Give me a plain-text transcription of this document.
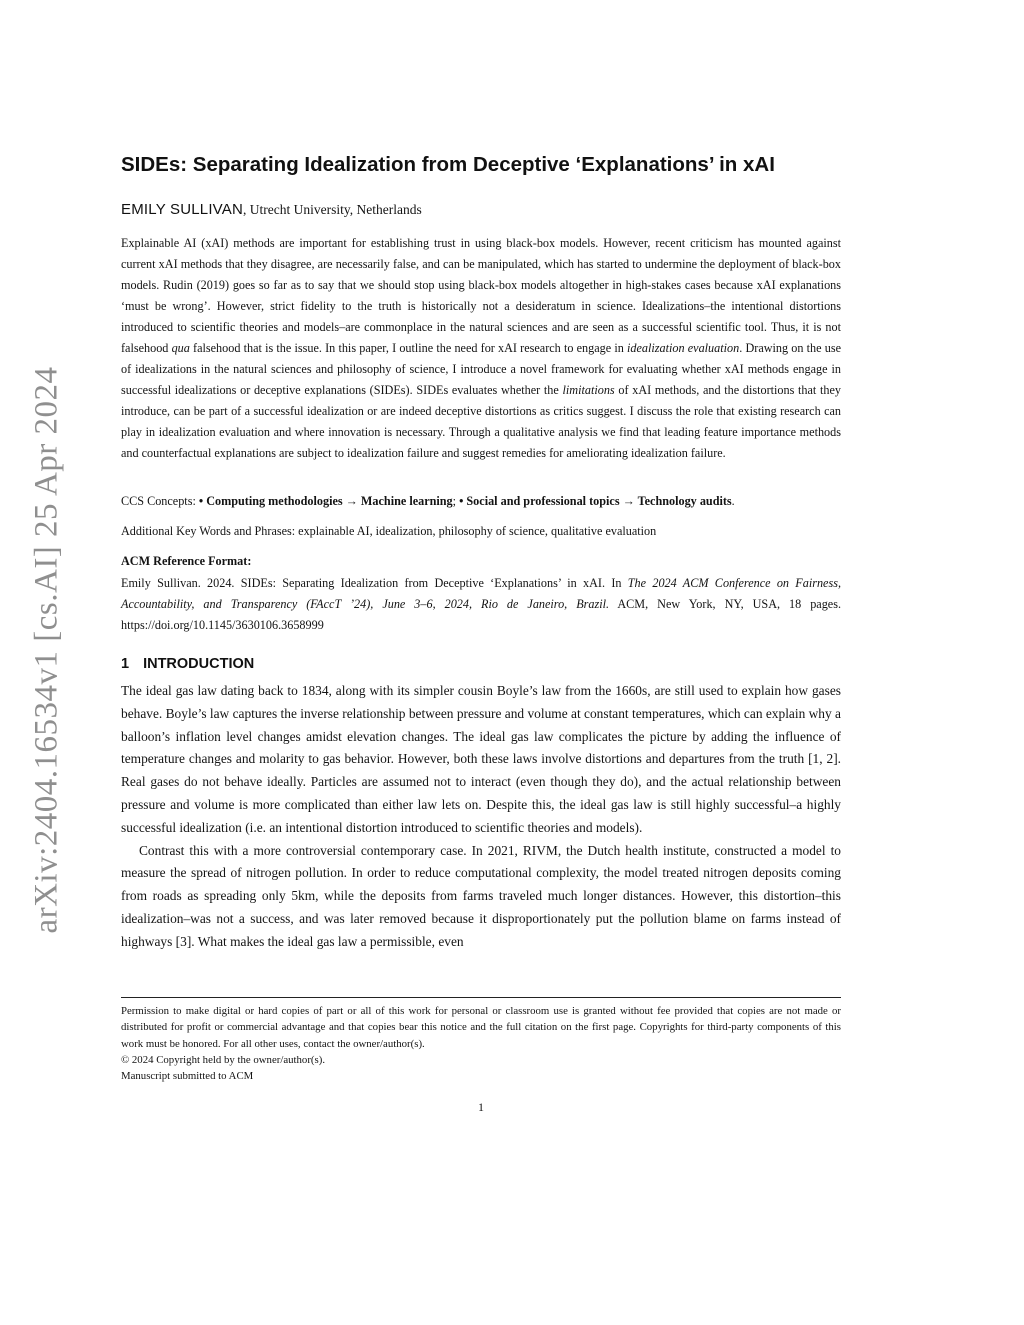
arXiv:2404.16534v1 [cs.AI] 25 Apr 2024
SIDEs: Separating Idealization from Deceptive ‘Explanations’ in xAI
EMILY SULLIVAN, Utrecht University, Netherlands
Explainable AI (xAI) methods are important for establishing trust in using black-box models. However, recent criticism has mounted against current xAI methods that they disagree, are necessarily false, and can be manipulated, which has started to undermine the deployment of black-box models. Rudin (2019) goes so far as to say that we should stop using black-box models altogether in high-stakes cases because xAI explanations ‘must be wrong’. However, strict fidelity to the truth is historically not a desideratum in science. Idealizations–the intentional distortions introduced to scientific theories and models–are commonplace in the natural sciences and are seen as a successful scientific tool. Thus, it is not falsehood qua falsehood that is the issue. In this paper, I outline the need for xAI research to engage in idealization evaluation. Drawing on the use of idealizations in the natural sciences and philosophy of science, I introduce a novel framework for evaluating whether xAI methods engage in successful idealizations or deceptive explanations (SIDEs). SIDEs evaluates whether the limitations of xAI methods, and the distortions that they introduce, can be part of a successful idealization or are indeed deceptive distortions as critics suggest. I discuss the role that existing research can play in idealization evaluation and where innovation is necessary. Through a qualitative analysis we find that leading feature importance methods and counterfactual explanations are subject to idealization failure and suggest remedies for ameliorating idealization failure.
CCS Concepts: • Computing methodologies → Machine learning; • Social and professional topics → Technology audits.
Additional Key Words and Phrases: explainable AI, idealization, philosophy of science, qualitative evaluation
ACM Reference Format:
Emily Sullivan. 2024. SIDEs: Separating Idealization from Deceptive ‘Explanations’ in xAI. In The 2024 ACM Conference on Fairness, Accountability, and Transparency (FAccT ’24), June 3–6, 2024, Rio de Janeiro, Brazil. ACM, New York, NY, USA, 18 pages. https://doi.org/10.1145/3630106.3658999
1 INTRODUCTION

The ideal gas law dating back to 1834, along with its simpler cousin Boyle’s law from the 1660s, are still used to explain how gases behave. Boyle’s law captures the inverse relationship between pressure and volume at constant temperatures, which can explain why a balloon’s inflation level changes amidst elevation changes. The ideal gas law complicates the picture by adding the influence of temperature changes and molarity to gas behavior. However, both these laws involve distortions and departures from the truth [1, 2]. Real gases do not behave ideally. Particles are assumed not to interact (even though they do), and the actual relationship between pressure and volume is more complicated than either law lets on. Despite this, the ideal gas law is still highly successful–a highly successful idealization (i.e. an intentional distortion introduced to scientific theories and models).

Contrast this with a more controversial contemporary case. In 2021, RIVM, the Dutch health institute, constructed a model to measure the spread of nitrogen pollution. In order to reduce computational complexity, the model treated nitrogen deposits coming from roads as spreading only 5km, while the deposits from farms traveled much longer distances. However, this distortion–this idealization–was not a success, and was later removed because it disproportionately put the pollution blame on farms instead of highways [3]. What makes the ideal gas law a permissible, even

Permission to make digital or hard copies of part or all of this work for personal or classroom use is granted without fee provided that copies are not made or distributed for profit or commercial advantage and that copies bear this notice and the full citation on the first page. Copyrights for third-party components of this work must be honored. For all other uses, contact the owner/author(s).
© 2024 Copyright held by the owner/author(s).
Manuscript submitted to ACM
1
